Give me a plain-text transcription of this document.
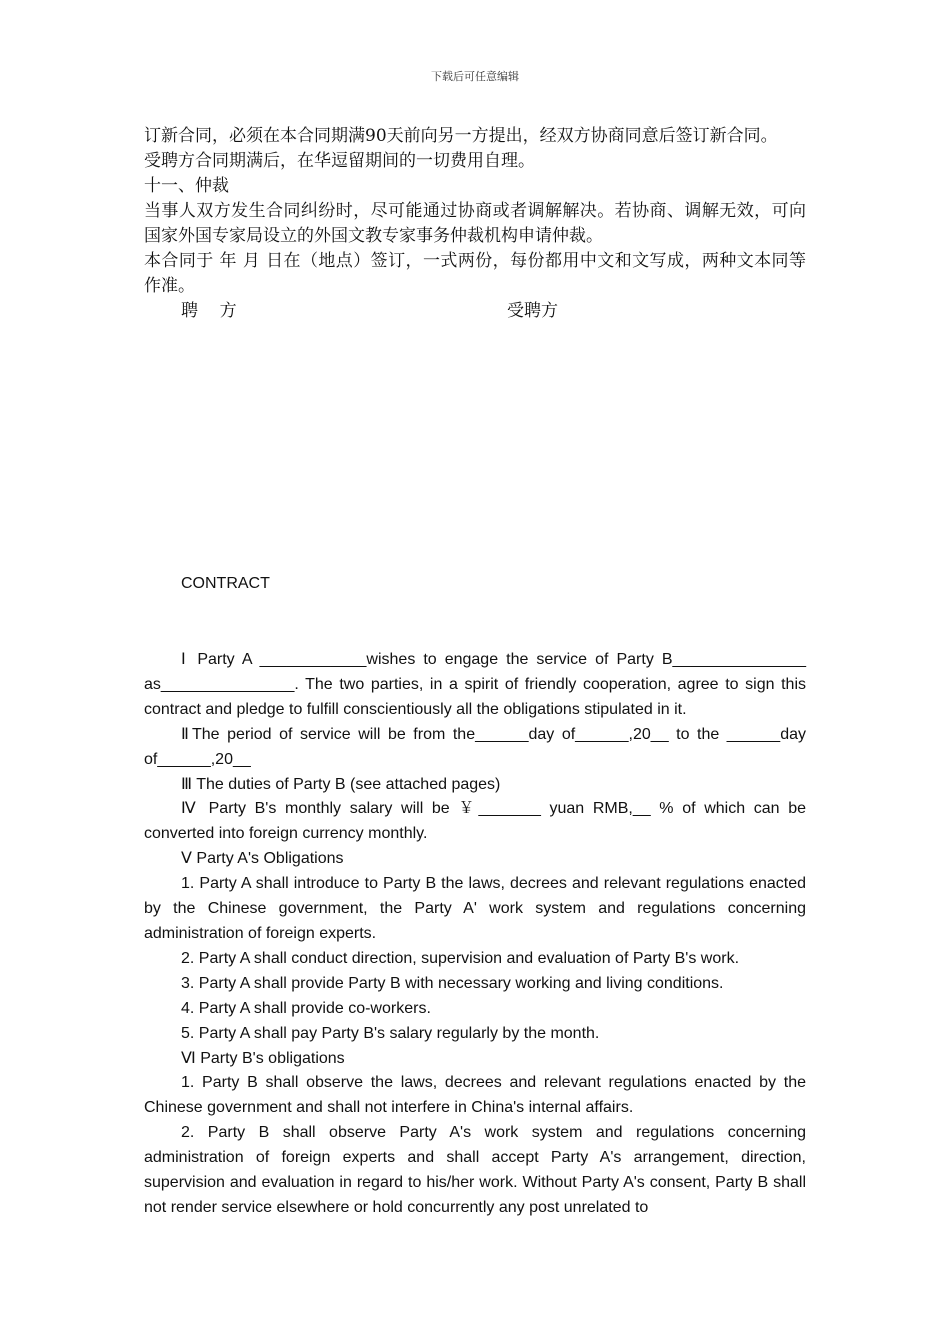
下载后可任意编辑

订新合同，必须在本合同期满90天前向另一方提出，经双方协商同意后签订新合同。

受聘方合同期满后，在华逗留期间的一切费用自理。

十一、仲裁

当事人双方发生合同纠纷时，尽可能通过协商或者调解解决。若协商、调解无效，可向国家外国专家局设立的外国文教专家事务仲裁机构申请仲裁。

本合同于 年 月 日在（地点）签订，一式两份，每份都用中文和文写成，两种文本同等作准。

聘    方	受聘方
CONTRACT

Ⅰ Party A ____________wishes to engage the service of Party B_______________ as_______________. The two parties, in a spirit of friendly cooperation, agree to sign this contract and pledge to fulfill conscientiously all the obligations stipulated in it.

ⅡThe period of service will be from the______day of______,20__ to the ______day of______,20__

Ⅲ The duties of Party B (see attached pages)

Ⅳ Party B's monthly salary will be ￥_______ yuan RMB,__ % of which can be converted into foreign currency monthly.

Ⅴ Party A's Obligations

1. Party A shall introduce to Party B the laws, decrees and relevant regulations enacted by the Chinese government, the Party A' work system and regulations concerning administration of foreign experts.

2. Party A shall conduct direction, supervision and evaluation of Party B's work.

3. Party A shall provide Party B with necessary working and living conditions.

4. Party A shall provide co-workers.

5. Party A shall pay Party B's salary regularly by the month.

Ⅵ Party B's obligations

1. Party B shall observe the laws, decrees and relevant regulations enacted by the Chinese government and shall not interfere in China's internal affairs.

2. Party B shall observe Party A's work system and regulations concerning administration of foreign experts and shall accept Party A's arrangement, direction, supervision and evaluation in regard to his/her work. Without Party A's consent, Party B shall not render service elsewhere or hold concurrently any post unrelated to
